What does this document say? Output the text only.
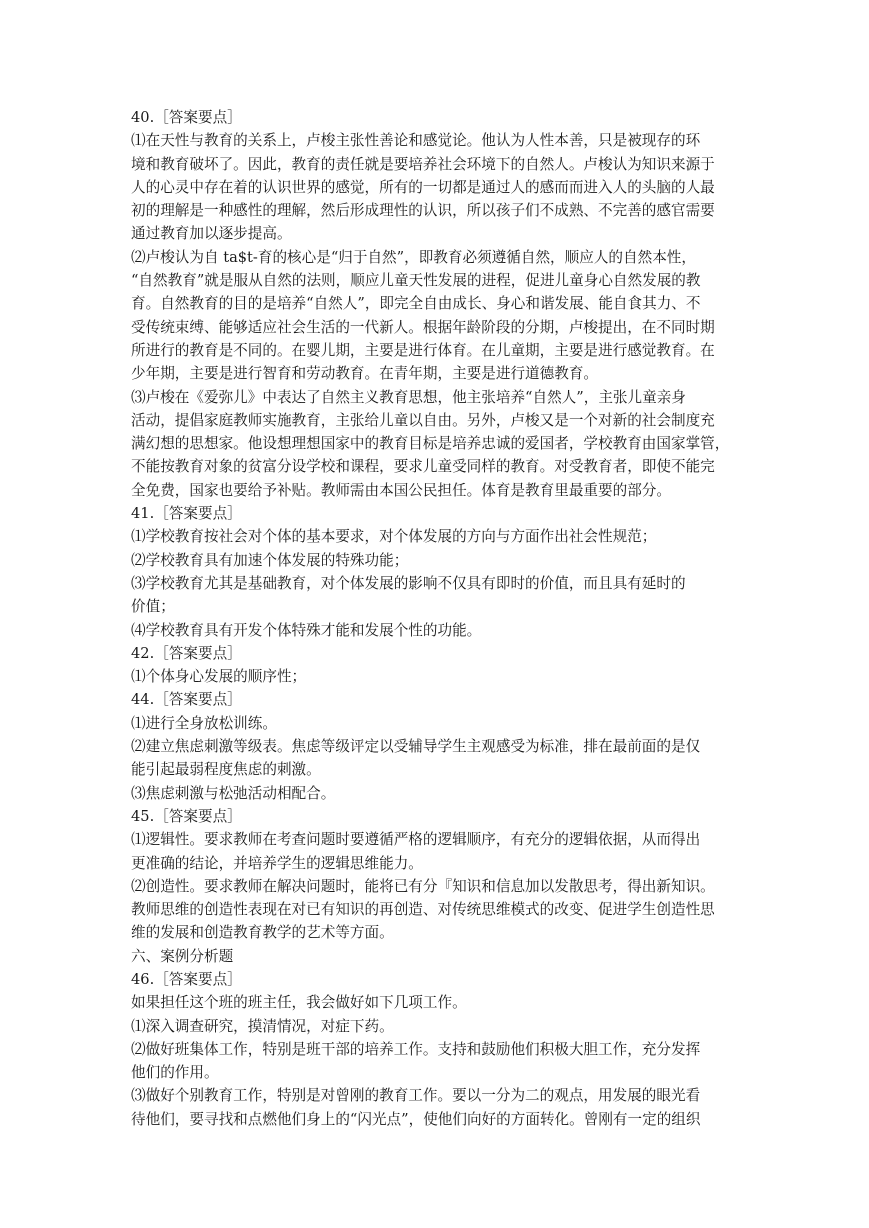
40.［答案要点］
⑴在天性与教育的关系上，卢梭主张性善论和感觉论。他认为人性本善，只是被现存的环
境和教育破坏了。因此，教育的责任就是要培养社会环境下的自然人。卢梭认为知识来源于
人的心灵中存在着的认识世界的感觉，所有的一切都是通过人的感而而进入人的头脑的人最
初的理解是一种感性的理解，然后形成理性的认识，所以孩子们不成熟、不完善的感官需要
通过教育加以逐步提高。
⑵卢梭认为自 ta$t-育的核心是“归于自然”，即教育必须遵循自然，顺应人的自然本性，
“自然教育”就是服从自然的法则，顺应儿童天性发展的进程，促进儿童身心自然发展的教
育。自然教育的目的是培养“自然人”，即完全自由成长、身心和谐发展、能自食其力、不
受传统束缚、能够适应社会生活的一代新人。根据年龄阶段的分期，卢梭提出，在不同时期
所进行的教育是不同的。在婴儿期，主要是进行体育。在儿童期，主要是进行感觉教育。在
少年期，主要是进行智育和劳动教育。在青年期，主要是进行道德教育。
⑶卢梭在《爱弥儿》中表达了自然主义教育思想，他主张培养“自然人”，主张儿童亲身
活动，提倡家庭教师实施教育，主张给儿童以自由。另外，卢梭又是一个对新的社会制度充
满幻想的思想家。他设想理想国家中的教育目标是培养忠诚的爱国者，学校教育由国家掌管，
不能按教育对象的贫富分设学校和课程，要求儿童受同样的教育。对受教育者，即使不能完
全免费，国家也要给予补贴。教师需由本国公民担任。体育是教育里最重要的部分。
41.［答案要点］
⑴学校教育按社会对个体的基本要求，对个体发展的方向与方面作出社会性规范；
⑵学校教育具有加速个体发展的特殊功能；
⑶学校教育尤其是基础教育，对个体发展的影响不仅具有即时的价值，而且具有延时的
价值；
⑷学校教育具有开发个体特殊才能和发展个性的功能。
42.［答案要点］
⑴个体身心发展的顺序性；
44.［答案要点］
⑴进行全身放松训练。
⑵建立焦虑刺激等级表。焦虑等级评定以受辅导学生主观感受为标准，排在最前面的是仅
能引起最弱程度焦虑的刺激。
⑶焦虑刺激与松弛活动相配合。
45.［答案要点］
⑴逻辑性。要求教师在考查问题时要遵循严格的逻辑顺序，有充分的逻辑依据，从而得出
更准确的结论，并培养学生的逻辑思维能力。
⑵创造性。要求教师在解决问题时，能将已有分『知识和信息加以发散思考，得出新知识。
教师思维的创造性表现在对已有知识的再创造、对传统思维模式的改变、促进学生创造性思
维的发展和创造教育教学的艺术等方面。
六、案例分析题
46.［答案要点］
如果担任这个班的班主任，我会做好如下几项工作。
⑴深入调查研究，摸清情况，对症下药。
⑵做好班集体工作，特别是班干部的培养工作。支持和鼓励他们积极大胆工作，充分发挥
他们的作用。
⑶做好个别教育工作，特别是对曾刚的教育工作。要以一分为二的观点，用发展的眼光看
待他们，要寻找和点燃他们身上的“闪光点”，使他们向好的方面转化。曾刚有一定的组织
